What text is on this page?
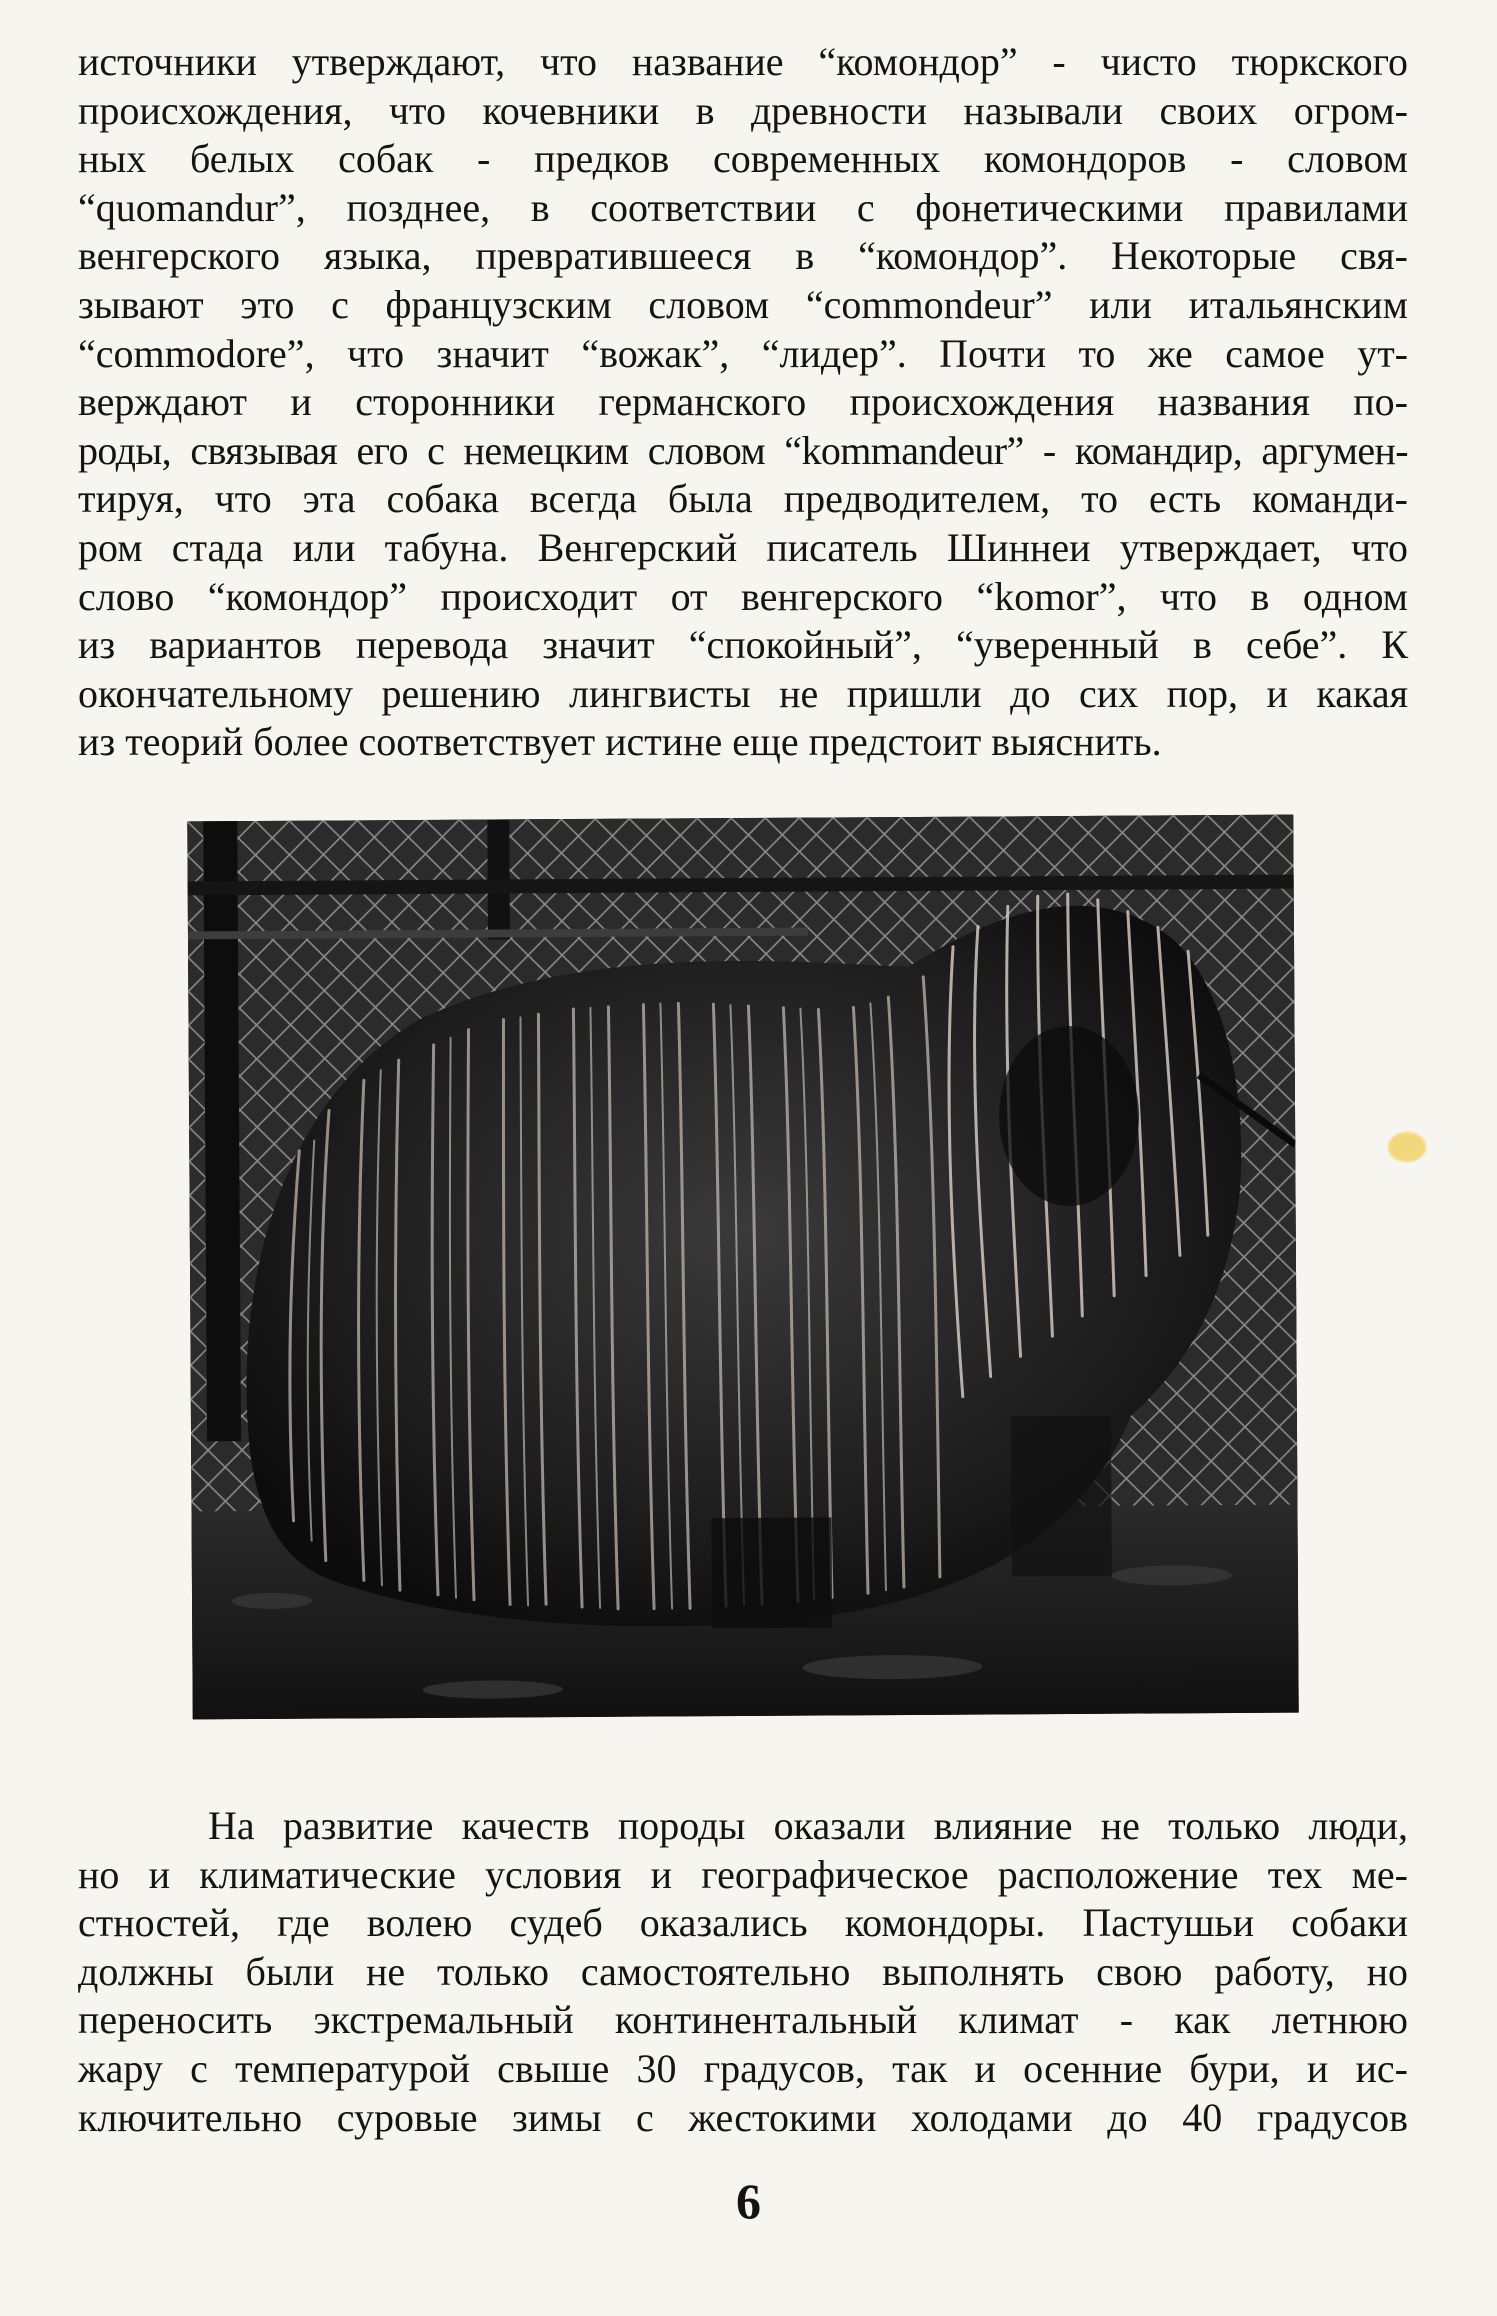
источники утверждают, что название “комондор” - чисто тюркского
происхождения, что кочевники в древности называли своих огром-
ных белых собак - предков современных комондоров - словом
“quomandur”, позднее, в соответствии с фонетическими правилами
венгерского языка, превратившееся в “комондор”. Некоторые свя-
зывают это с французским словом “commondeur” или итальянским
“commodore”, что значит “вожак”, “лидер”. Почти то же самое ут-
верждают и сторонники германского происхождения названия по-
роды, связывая его с немецким словом “kommandeur” - командир, аргумен-
тируя, что эта собака всегда была предводителем, то есть команди-
ром стада или табуна. Венгерский писатель Шиннеи утверждает, что
слово “комондор” происходит от венгерского “komor”, что в одном
из вариантов перевода значит “спокойный”, “уверенный в себе”. К
окончательному решению лингвисты не пришли до сих пор, и какая
из теорий более соответствует истине еще предстоит выяснить.
На развитие качеств породы оказали влияние не только люди,
но и климатические условия и географическое расположение тех ме-
стностей, где волею судеб оказались комондоры. Пастушьи собаки
должны были не только самостоятельно выполнять свою работу, но
переносить экстремальный континентальный климат - как летнюю
жару с температурой свыше 30 градусов, так и осенние бури, и ис-
ключительно суровые зимы с жестокими холодами до 40 градусов
6
